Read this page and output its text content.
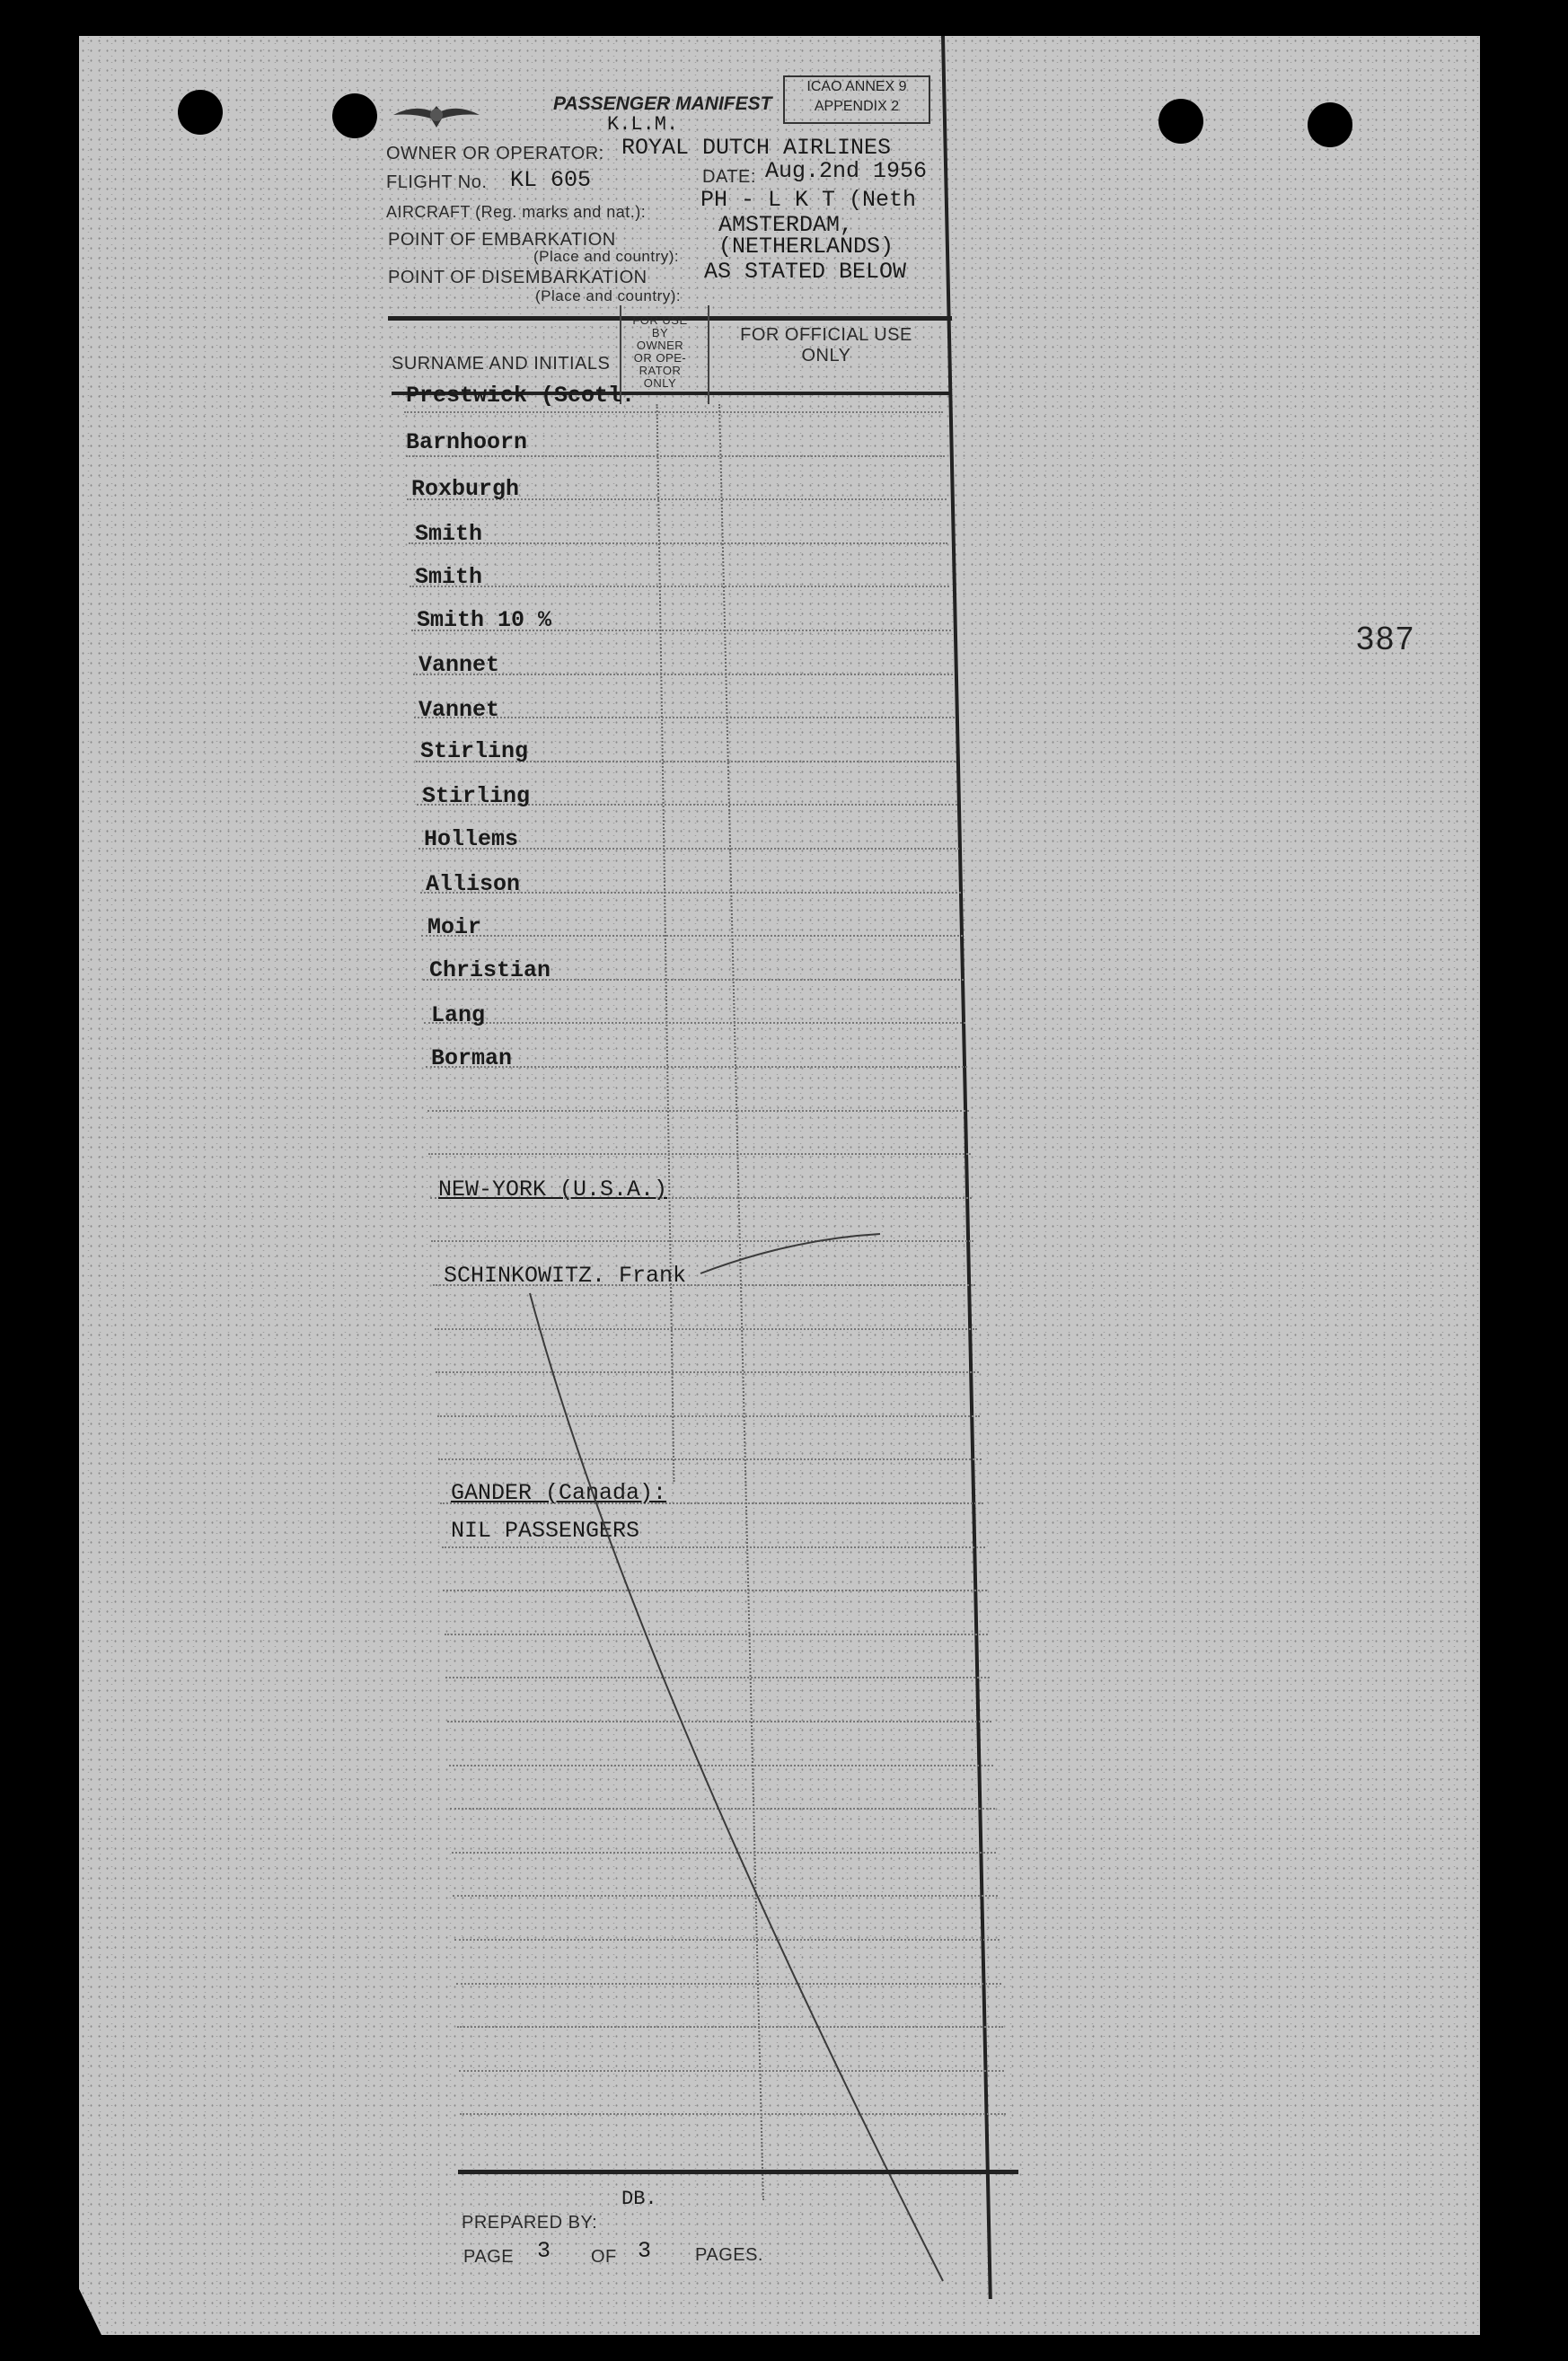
PASSENGER MANIFEST
K.L.M.
ICAO ANNEX 9
APPENDIX 2
OWNER OR OPERATOR: ROYAL DUTCH AIRLINES
FLIGHT No. KL 605	DATE: Aug.2nd 1956
AIRCRAFT (Reg. marks and nat.): PH - L K T (Neth
POINT OF EMBARKATION
(Place and country):
AMSTERDAM,
(NETHERLANDS)
POINT OF DISEMBARKATION
(Place and country):
AS STATED BELOW
SURNAME AND INITIALS
FOR USE
BY
OWNER
OR OPE-
RATOR
ONLY
FOR OFFICIAL USE
ONLY
Prestwick (Scotl.
Barnhoorn
Roxburgh
Smith
Smith
Smith 10 %
Vannet
Vannet
Stirling
Stirling
Hollems
Allison
Moir
Christian
Lang
Borman
NEW-YORK (U.S.A.)
SCHINKOWITZ. Frank
GANDER (Canada):
NIL PASSENGERS
PREPARED BY:
DB.
PAGE 3 OF 3 PAGES.
387
